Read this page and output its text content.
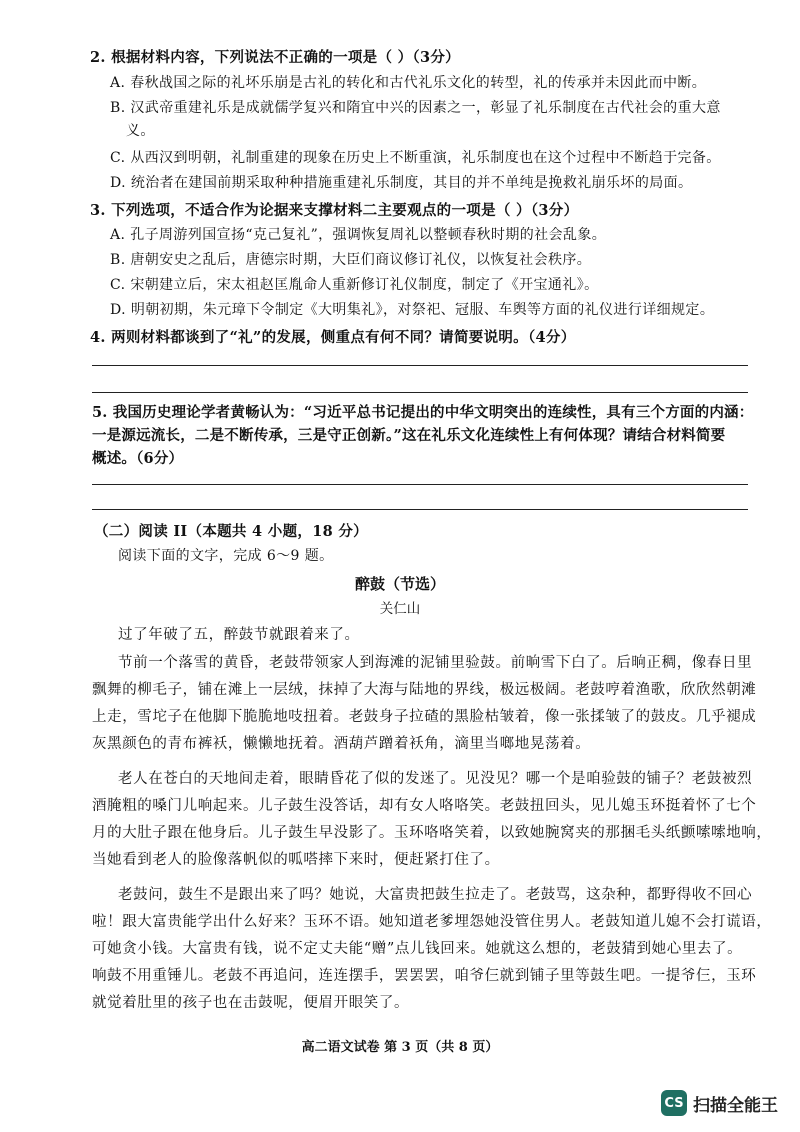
2. 根据材料内容，下列说法不正确的一项是（ ）（3分）
A. 春秋战国之际的礼坏乐崩是古礼的转化和古代礼乐文化的转型，礼的传承并未因此而中断。
B. 汉武帝重建礼乐是成就儒学复兴和隋宜中兴的因素之一，彰显了礼乐制度在古代社会的重大意
义。
C. 从西汉到明朝，礼制重建的现象在历史上不断重演，礼乐制度也在这个过程中不断趋于完备。
D. 统治者在建国前期采取种种措施重建礼乐制度，其目的并不单纯是挽救礼崩乐坏的局面。
3. 下列选项，不适合作为论据来支撑材料二主要观点的一项是（ ）（3分）
A. 孔子周游列国宣扬“克己复礼”，强调恢复周礼以整顿春秋时期的社会乱象。
B. 唐朝安史之乱后，唐德宗时期，大臣们商议修订礼仪，以恢复社会秩序。
C. 宋朝建立后，宋太祖赵匡胤命人重新修订礼仪制度，制定了《开宝通礼》。
D. 明朝初期，朱元璋下令制定《大明集礼》，对祭祀、冠服、车舆等方面的礼仪进行详细规定。
4. 两则材料都谈到了“礼”的发展，侧重点有何不同？请简要说明。（4分）
5. 我国历史理论学者黄畅认为：“习近平总书记提出的中华文明突出的连续性，具有三个方面的内涵：
一是源远流长，二是不断传承，三是守正创新。”这在礼乐文化连续性上有何体现？请结合材料简要
概述。（6分）
（二）阅读 II（本题共 4 小题，18 分）
阅读下面的文字，完成 6～9 题。
醉鼓（节选）
关仁山
过了年破了五，醉鼓节就跟着来了。
节前一个落雪的黄昏，老鼓带领家人到海滩的泥铺里验鼓。前晌雪下白了。后晌正稠，像春日里
飘舞的柳毛子，铺在滩上一层绒，抹掉了大海与陆地的界线，极远极阔。老鼓哼着渔歌，欣欣然朝滩
上走，雪坨子在他脚下脆脆地吱扭着。老鼓身子拉碴的黑脸枯皱着，像一张揉皱了的鼓皮。几乎褪成
灰黑颜色的青布裤袄，懒懒地抚着。酒葫芦蹭着袄角，滴里当啷地晃荡着。
老人在苍白的天地间走着，眼睛昏花了似的发迷了。见没见？哪一个是咱验鼓的铺子？老鼓被烈
酒腌粗的嗓门儿响起来。儿子鼓生没答话，却有女人咯咯笑。老鼓扭回头，见儿媳玉环挺着怀了七个
月的大肚子跟在他身后。儿子鼓生早没影了。玉环咯咯笑着，以致她腕窝夹的那捆毛头纸颤嗦嗦地响，
当她看到老人的脸像落帆似的呱嗒摔下来时，便赶紧打住了。
老鼓问，鼓生不是跟出来了吗？她说，大富贵把鼓生拉走了。老鼓骂，这杂种，都野得收不回心
啦！跟大富贵能学出什么好来？玉环不语。她知道老爹埋怨她没管住男人。老鼓知道儿媳不会打谎语，
可她贪小钱。大富贵有钱，说不定丈夫能“赠”点儿钱回来。她就这么想的，老鼓猜到她心里去了。
响鼓不用重锤儿。老鼓不再追问，连连摆手，罢罢罢，咱爷仨就到铺子里等鼓生吧。一提爷仨，玉环
就觉着肚里的孩子也在击鼓呢，便眉开眼笑了。
高二语文试卷 第 3 页（共 8 页）
CS 扫描全能王
